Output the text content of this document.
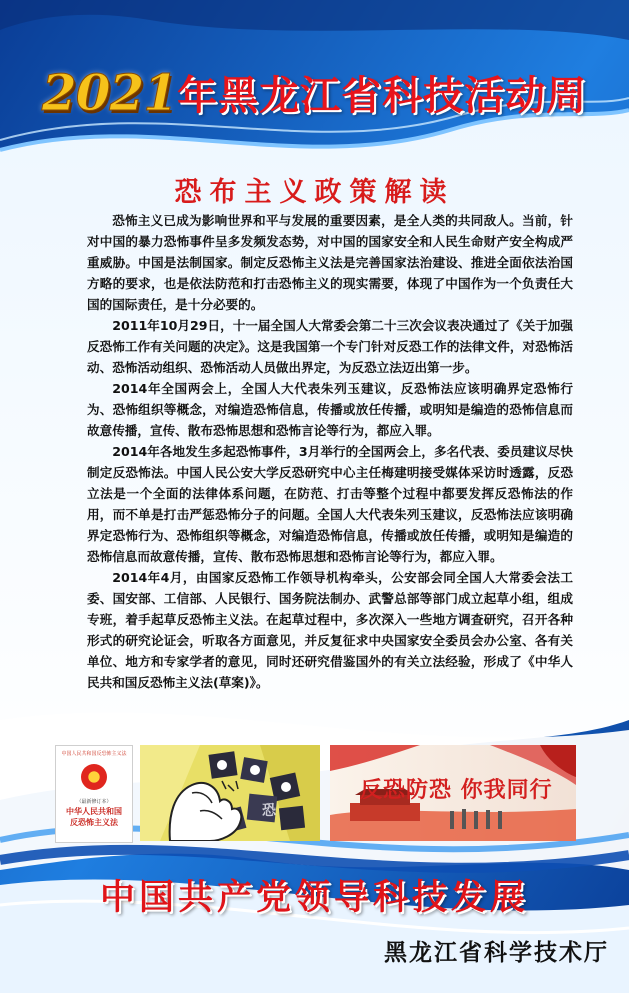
2021 年黑龙江省科技活动周
恐布主义政策解读

恐怖主义已成为影响世界和平与发展的重要因素，是全人类的共同敌人。当前，针对中国的暴力恐怖事件呈多发频发态势，对中国的国家安全和人民生命财产安全构成严重威胁。中国是法制国家。制定反恐怖主义法是完善国家法治建设、推进全面依法治国方略的要求，也是依法防范和打击恐怖主义的现实需要，体现了中国作为一个负责任大国的国际责任，是十分必要的。

2011年10月29日，十一届全国人大常委会第二十三次会议表决通过了《关于加强反恐怖工作有关问题的决定》。这是我国第一个专门针对反恐工作的法律文件，对恐怖活动、恐怖活动组织、恐怖活动人员做出界定，为反恐立法迈出第一步。

2014年全国两会上，全国人大代表朱列玉建议，反恐怖法应该明确界定恐怖行为、恐怖组织等概念，对编造恐怖信息，传播或放任传播，或明知是编造的恐怖信息而故意传播，宣传、散布恐怖思想和恐怖言论等行为，都应入罪。

2014年各地发生多起恐怖事件，3月举行的全国两会上，多名代表、委员建议尽快制定反恐怖法。中国人民公安大学反恐研究中心主任梅建明接受媒体采访时透露，反恐立法是一个全面的法律体系问题，在防范、打击等整个过程中都要发挥反恐怖法的作用，而不单是打击严惩恐怖分子的问题。全国人大代表朱列玉建议，反恐怖法应该明确界定恐怖行为、恐怖组织等概念，对编造恐怖信息，传播或放任传播，或明知是编造的恐怖信息而故意传播，宣传、散布恐怖思想和恐怖言论等行为，都应入罪。

2014年4月，由国家反恐怖工作领导机构牵头，公安部会同全国人大常委会法工委、国安部、工信部、人民银行、国务院法制办、武警总部等部门成立起草小组，组成专班，着手起草反恐怖主义法。在起草过程中，多次深入一些地方调查研究，召开各种形式的研究论证会，听取各方面意见，并反复征求中央国家安全委员会办公室、各有关单位、地方和专家学者的意见，同时还研究借鉴国外的有关立法经验，形成了《中华人民共和国反恐怖主义法(草案)》。

中国人民共和国反恐怖主义法
★
（最新修订本）
中华人民共和国
反恐怖主义法
恐
反恐防恐 你我同行
中国共产党领导科技发展
黑龙江省科学技术厅
